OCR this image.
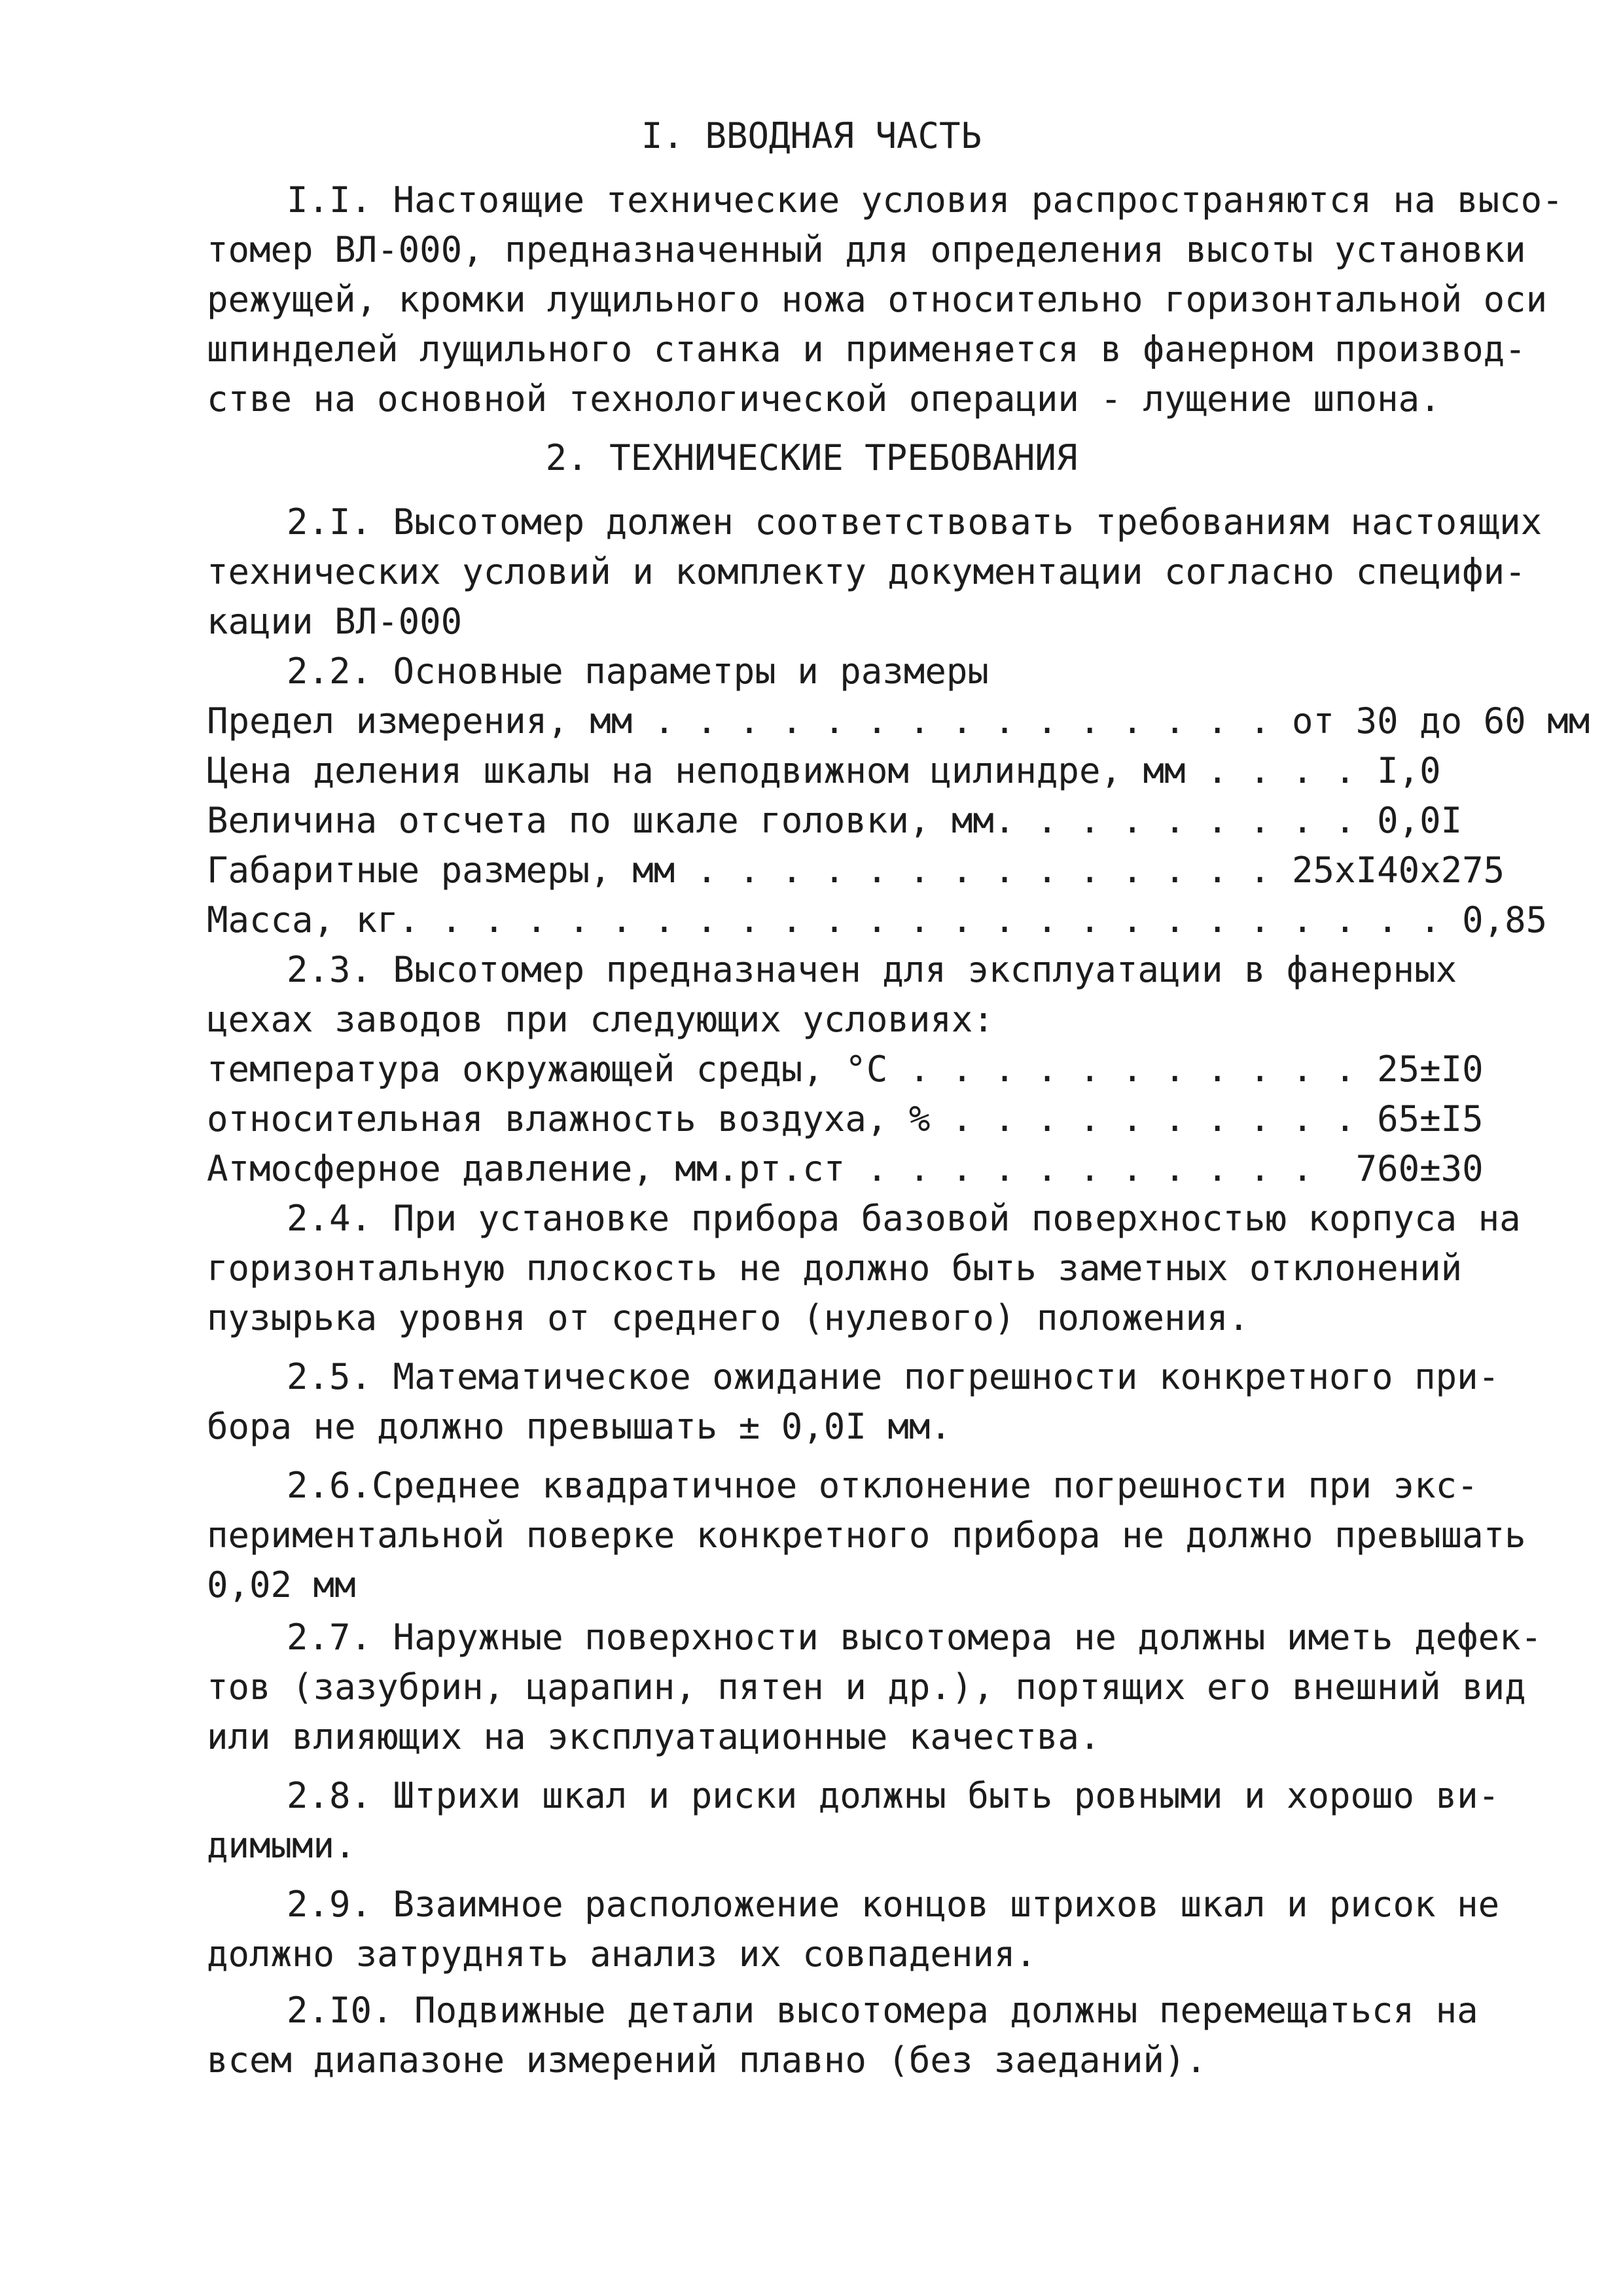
I. ВВОДНАЯ ЧАСТЬ
I.I. Настоящие технические условия распространяются на высо-
томер ВЛ-000, предназначенный для определения высоты установки
режущей, кромки лущильного ножа относительно горизонтальной оси
шпинделей лущильного станка и применяется в фанерном производ-
стве на основной технологической операции - лущение шпона.
2. ТЕХНИЧЕСКИЕ ТРЕБОВАНИЯ
2.I. Высотомер должен соответствовать требованиям настоящих
технических условий и комплекту документации согласно специфи-
кации ВЛ-000
2.2. Основные параметры и размеры
Предел измерения, мм . . . . . . . . . . . . . . . от 30 до 60 мм
Цена деления шкалы на неподвижном цилиндре, мм . . . . I,0
Величина отсчета по шкале головки, мм. . . . . . . . . 0,0I
Габаритные размеры, мм . . . . . . . . . . . . . . 25хI40х275
Масса, кг. . . . . . . . . . . . . . . . . . . . . . . . . 0,85
2.3. Высотомер предназначен для эксплуатации в фанерных
цехах заводов при следующих условиях:
температура окружающей среды, °С . . . . . . . . . . . 25±I0
относительная влажность воздуха, % . . . . . . . . . . 65±I5
Атмосферное давление, мм.рт.ст . . . . . . . . . . .  760±30
2.4. При установке прибора базовой поверхностью корпуса на
горизонтальную плоскость не должно быть заметных отклонений
пузырька уровня от среднего (нулевого) положения.
2.5. Математическое ожидание погрешности конкретного при-
бора не должно превышать ± 0,0I мм.
2.6.Среднее квадратичное отклонение погрешности при экс-
периментальной поверке конкретного прибора не должно превышать
0,02 мм
2.7. Наружные поверхности высотомера не должны иметь дефек-
тов (зазубрин, царапин, пятен и др.), портящих его внешний вид
или влияющих на эксплуатационные качества.
2.8. Штрихи шкал и риски должны быть ровными и хорошо ви-
димыми.
2.9. Взаимное расположение концов штрихов шкал и рисок не
должно затруднять анализ их совпадения.
2.I0. Подвижные детали высотомера должны перемещаться на
всем диапазоне измерений плавно (без заеданий).
